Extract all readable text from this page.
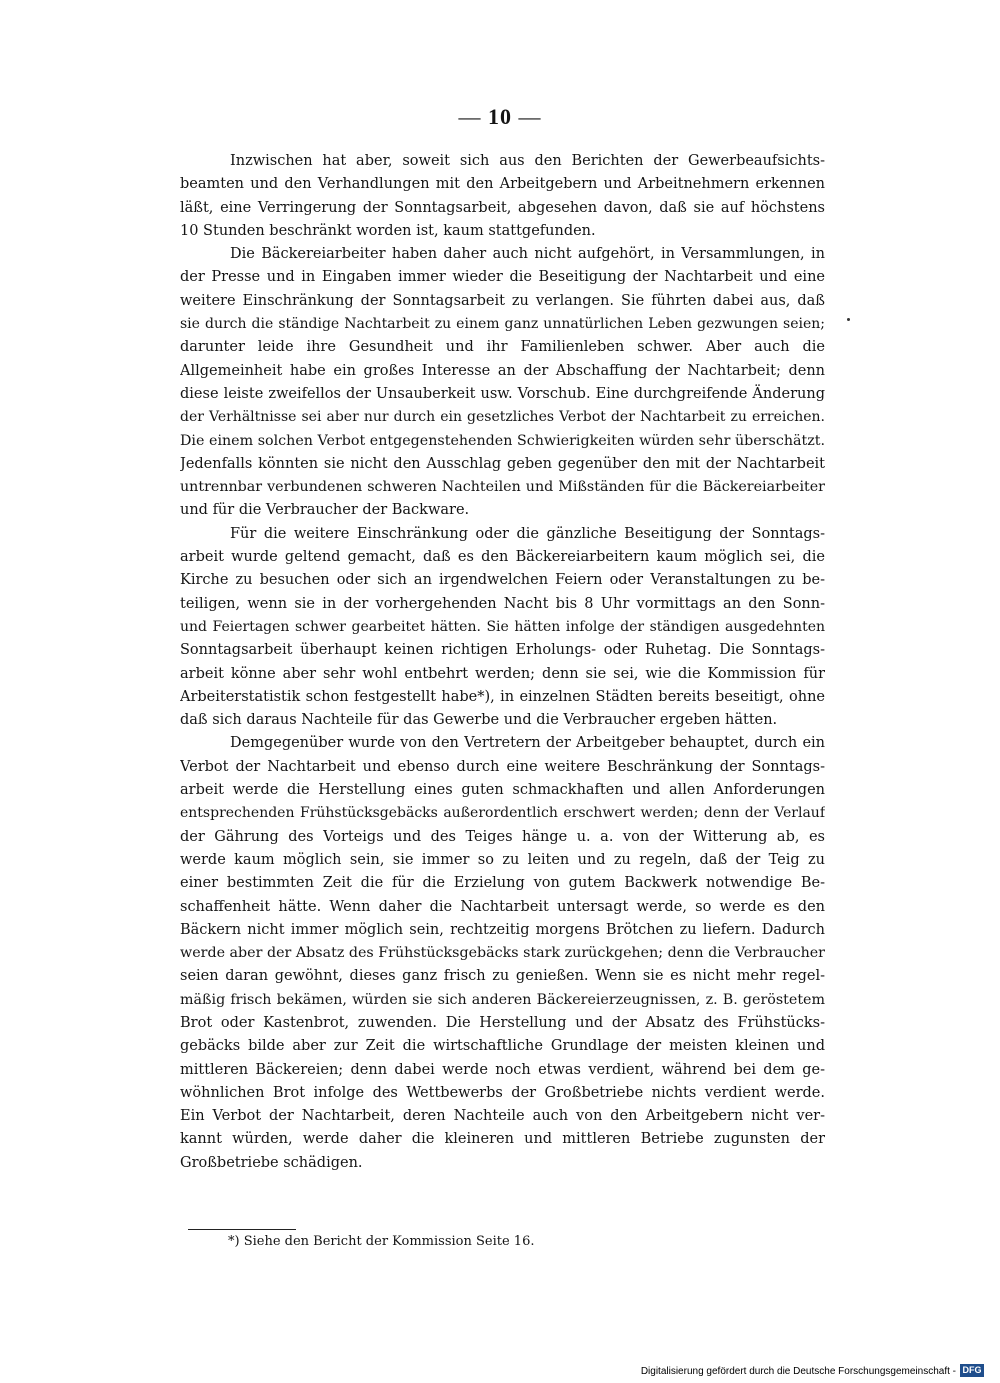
— 10 —
Inzwischen hat aber, soweit sich aus den Berichten der Gewerbeaufsichts-
beamten und den Verhandlungen mit den Arbeitgebern und Arbeitnehmern erkennen
läßt, eine Verringerung der Sonntagsarbeit, abgesehen davon, daß sie auf höchstens
10 Stunden beschränkt worden ist, kaum stattgefunden.
Die Bäckereiarbeiter haben daher auch nicht aufgehört, in Versammlungen, in
der Presse und in Eingaben immer wieder die Beseitigung der Nachtarbeit und eine
weitere Einschränkung der Sonntagsarbeit zu verlangen. Sie führten dabei aus, daß
sie durch die ständige Nachtarbeit zu einem ganz unnatürlichen Leben gezwungen seien;
darunter leide ihre Gesundheit und ihr Familienleben schwer. Aber auch die
Allgemeinheit habe ein großes Interesse an der Abschaffung der Nachtarbeit; denn
diese leiste zweifellos der Unsauberkeit usw. Vorschub. Eine durchgreifende Änderung
der Verhältnisse sei aber nur durch ein gesetzliches Verbot der Nachtarbeit zu erreichen.
Die einem solchen Verbot entgegenstehenden Schwierigkeiten würden sehr überschätzt.
Jedenfalls könnten sie nicht den Ausschlag geben gegenüber den mit der Nachtarbeit
untrennbar verbundenen schweren Nachteilen und Mißständen für die Bäckereiarbeiter
und für die Verbraucher der Backware.
Für die weitere Einschränkung oder die gänzliche Beseitigung der Sonntags-
arbeit wurde geltend gemacht, daß es den Bäckereiarbeitern kaum möglich sei, die
Kirche zu besuchen oder sich an irgendwelchen Feiern oder Veranstaltungen zu be-
teiligen, wenn sie in der vorhergehenden Nacht bis 8 Uhr vormittags an den Sonn-
und Feiertagen schwer gearbeitet hätten. Sie hätten infolge der ständigen ausgedehnten
Sonntagsarbeit überhaupt keinen richtigen Erholungs- oder Ruhetag. Die Sonntags-
arbeit könne aber sehr wohl entbehrt werden; denn sie sei, wie die Kommission für
Arbeiterstatistik schon festgestellt habe*), in einzelnen Städten bereits beseitigt, ohne
daß sich daraus Nachteile für das Gewerbe und die Verbraucher ergeben hätten.
Demgegenüber wurde von den Vertretern der Arbeitgeber behauptet, durch ein
Verbot der Nachtarbeit und ebenso durch eine weitere Beschränkung der Sonntags-
arbeit werde die Herstellung eines guten schmackhaften und allen Anforderungen
entsprechenden Frühstücksgebäcks außerordentlich erschwert werden; denn der Verlauf
der Gährung des Vorteigs und des Teiges hänge u. a. von der Witterung ab, es
werde kaum möglich sein, sie immer so zu leiten und zu regeln, daß der Teig zu
einer bestimmten Zeit die für die Erzielung von gutem Backwerk notwendige Be-
schaffenheit hätte. Wenn daher die Nachtarbeit untersagt werde, so werde es den
Bäckern nicht immer möglich sein, rechtzeitig morgens Brötchen zu liefern. Dadurch
werde aber der Absatz des Frühstücksgebäcks stark zurückgehen; denn die Verbraucher
seien daran gewöhnt, dieses ganz frisch zu genießen. Wenn sie es nicht mehr regel-
mäßig frisch bekämen, würden sie sich anderen Bäckereierzeugnissen, z. B. geröstetem
Brot oder Kastenbrot, zuwenden. Die Herstellung und der Absatz des Frühstücks-
gebäcks bilde aber zur Zeit die wirtschaftliche Grundlage der meisten kleinen und
mittleren Bäckereien; denn dabei werde noch etwas verdient, während bei dem ge-
wöhnlichen Brot infolge des Wettbewerbs der Großbetriebe nichts verdient werde.
Ein Verbot der Nachtarbeit, deren Nachteile auch von den Arbeitgebern nicht ver-
kannt würden, werde daher die kleineren und mittleren Betriebe zugunsten der
Großbetriebe schädigen.
*) Siehe den Bericht der Kommission Seite 16.
Digitalisierung gefördert durch die Deutsche Forschungsgemeinschaft - DFG
